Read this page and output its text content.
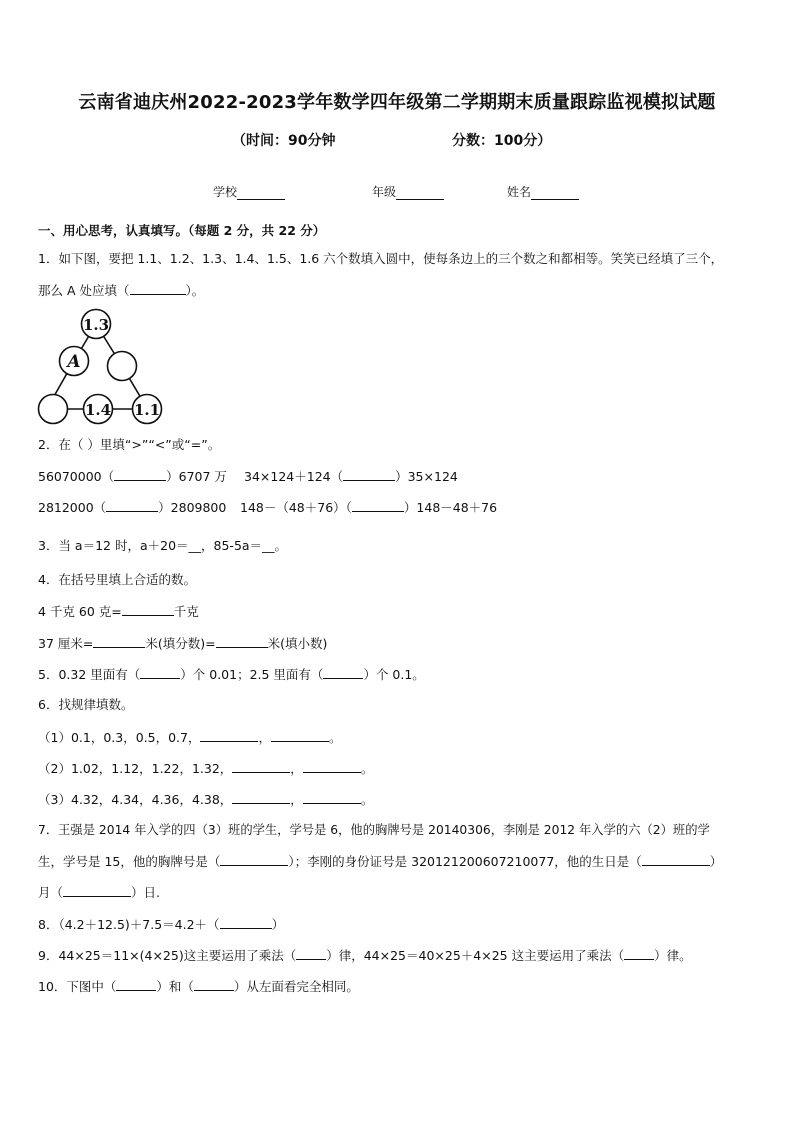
云南省迪庆州2022-2023学年数学四年级第二学期期末质量跟踪监视模拟试题
（时间：90分钟	分数：100分）
学校	年级	姓名
一、用心思考，认真填写。（每题 2 分，共 22 分）
1．如下图，要把 1.1、1.2、1.3、1.4、1.5、1.6 六个数填入圆中，使每条边上的三个数之和都相等。笑笑已经填了三个，
那么 A 处应填（	）。
1.3
A
1.4 1.1
2．在（ ）里填“>”“<”或“=”。
56070000（	）6707 万 34×124＋124（	）35×124
2812000（	）2809800 148－（48＋76）（	）148－48＋76
3．当 a＝12 时，a＋20＝__，85-5a＝__。
4．在括号里填上合适的数。
4 千克 60 克=	千克
37 厘米=	米(填分数)=	米(填小数)
5．0.32 里面有（	）个 0.01；2.5 里面有（	）个 0.1。
6．找规律填数。
（1）0.1，0.3，0.5，0.7，	，	。
（2）1.02，1.12，1.22，1.32，	，	。
（3）4.32，4.34，4.36，4.38，	，	。
7．王强是 2014 年入学的四（3）班的学生，学号是 6，他的胸牌号是 20140306，李刚是 2012 年入学的六（2）班的学
生，学号是 15，他的胸牌号是（	）；李刚的身份证号是 320121200607210077，他的生日是（	）
月（	）日.
8．（4.2＋12.5)＋7.5＝4.2＋（	）
9．44×25＝11×(4×25)这主要运用了乘法（ ）律，44×25＝40×25＋4×25 这主要运用了乘法（ ）律。
10．下图中（	）和（	）从左面看完全相同。
